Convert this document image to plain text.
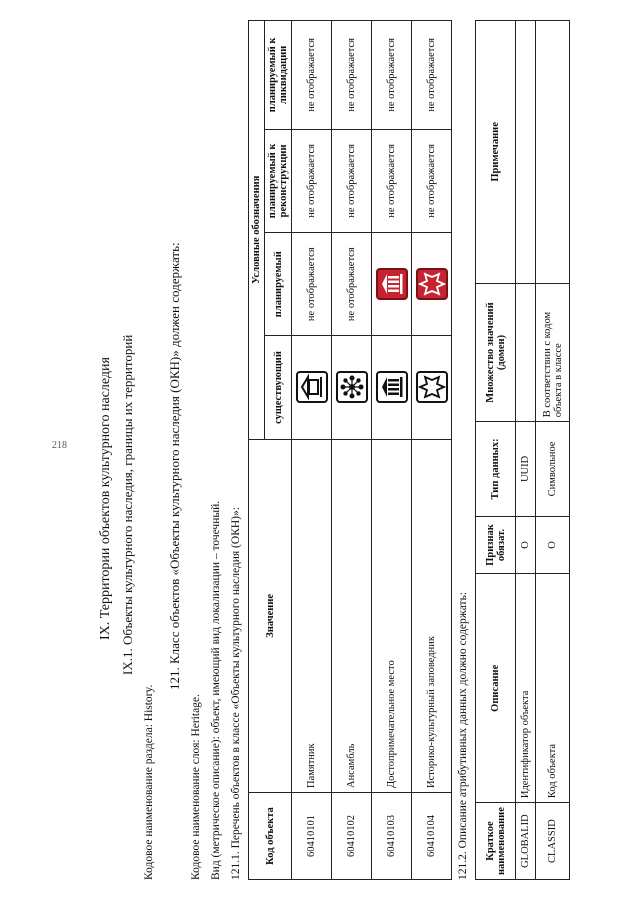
218 IX. Территории объектов культурного наследия IX.1. Объекты культурного наследия, границы их территорий
Кодовое наименование раздела: History.
121. Класс объектов «Объекты культурного наследия (ОКН)» должен содержать:
Кодовое наименование слоя: Heritage. Вид (метрическое описание): объект, имеющий вид локализации – точечный. 121.1. Перечень объектов в классе «Объекты культурного наследия (ОКН)»: Код объекта	Значение	Условные обозначения			
		существующий	планируемый	планируемый к реконструкции	планируемый к ликвидации
60410101	Памятник		не отображается	не отображается	не отображается
60410102	Ансамбль		не отображается	не отображается	не отображается
60410103	Достопримечательное место			не отображается	не отображается
60410104	Историко-культурный заповедник			не отображается	не отображается
121.2. Описание атрибутивных данных должно содержать: Краткое наименование	Описание	Признак обязат.	Тип данных:	Множество значений (домен)	Примечание
GLOBALID	Идентификатор объекта	О	UUID		
CLASSID	Код объекта	О	Символьное	В соответствии с кодом объекта в классе	
